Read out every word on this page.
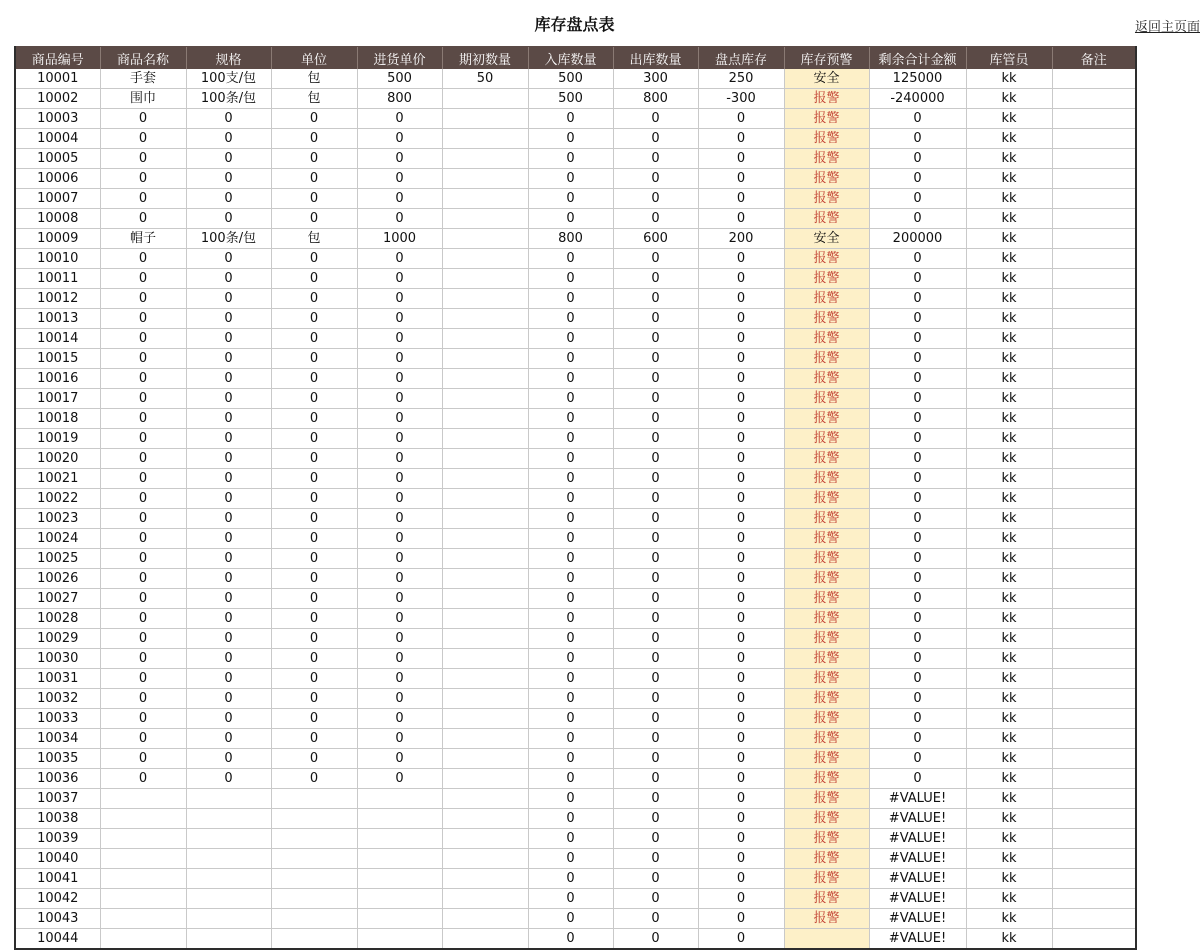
库存盘点表	返回主页面
商品编号	商品名称	规格	单位	进货单价	期初数量	入库数量	出库数量	盘点库存	库存预警	剩余合计金额	库管员	备注
10001	手套	100支/包	包	500	50	500	300	250	安全	125000	kk	
10002	围巾	100条/包	包	800		500	800	-300	报警	-240000	kk	
10003	0	0	0	0		0	0	0	报警	0	kk	
10004	0	0	0	0		0	0	0	报警	0	kk	
10005	0	0	0	0		0	0	0	报警	0	kk	
10006	0	0	0	0		0	0	0	报警	0	kk	
10007	0	0	0	0		0	0	0	报警	0	kk	
10008	0	0	0	0		0	0	0	报警	0	kk	
10009	帽子	100条/包	包	1000		800	600	200	安全	200000	kk	
10010	0	0	0	0		0	0	0	报警	0	kk	
10011	0	0	0	0		0	0	0	报警	0	kk	
10012	0	0	0	0		0	0	0	报警	0	kk	
10013	0	0	0	0		0	0	0	报警	0	kk	
10014	0	0	0	0		0	0	0	报警	0	kk	
10015	0	0	0	0		0	0	0	报警	0	kk	
10016	0	0	0	0		0	0	0	报警	0	kk	
10017	0	0	0	0		0	0	0	报警	0	kk	
10018	0	0	0	0		0	0	0	报警	0	kk	
10019	0	0	0	0		0	0	0	报警	0	kk	
10020	0	0	0	0		0	0	0	报警	0	kk	
10021	0	0	0	0		0	0	0	报警	0	kk	
10022	0	0	0	0		0	0	0	报警	0	kk	
10023	0	0	0	0		0	0	0	报警	0	kk	
10024	0	0	0	0		0	0	0	报警	0	kk	
10025	0	0	0	0		0	0	0	报警	0	kk	
10026	0	0	0	0		0	0	0	报警	0	kk	
10027	0	0	0	0		0	0	0	报警	0	kk	
10028	0	0	0	0		0	0	0	报警	0	kk	
10029	0	0	0	0		0	0	0	报警	0	kk	
10030	0	0	0	0		0	0	0	报警	0	kk	
10031	0	0	0	0		0	0	0	报警	0	kk	
10032	0	0	0	0		0	0	0	报警	0	kk	
10033	0	0	0	0		0	0	0	报警	0	kk	
10034	0	0	0	0		0	0	0	报警	0	kk	
10035	0	0	0	0		0	0	0	报警	0	kk	
10036	0	0	0	0		0	0	0	报警	0	kk	
10037						0	0	0	报警	#VALUE!	kk	
10038						0	0	0	报警	#VALUE!	kk	
10039						0	0	0	报警	#VALUE!	kk	
10040						0	0	0	报警	#VALUE!	kk	
10041						0	0	0	报警	#VALUE!	kk	
10042						0	0	0	报警	#VALUE!	kk	
10043						0	0	0	报警	#VALUE!	kk	
10044						0	0	0		#VALUE!	kk	
